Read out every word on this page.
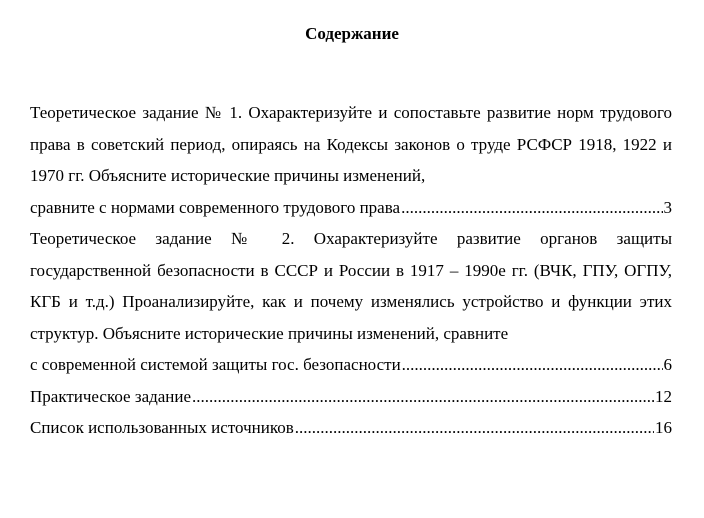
Содержание
Теоретическое задание № 1. Охарактеризуйте и сопоставьте развитие норм трудового права в советский период, опираясь на Кодексы законов о труде РСФСР 1918, 1922 и 1970 гг. Объясните исторические причины изменений,
сравните с нормами современного трудового права .....	3
Теоретическое задание № 2. Охарактеризуйте развитие органов защиты государственной безопасности в СССР и России в 1917 – 1990е гг. (ВЧК, ГПУ, ОГПУ, КГБ и т.д.) Проанализируйте, как и почему изменялись устройство и функции этих структур. Объясните исторические причины изменений, сравните
с современной системой защиты гос. безопасности .....	6
Практическое задание .....	12
Список использованных источников .....	16
